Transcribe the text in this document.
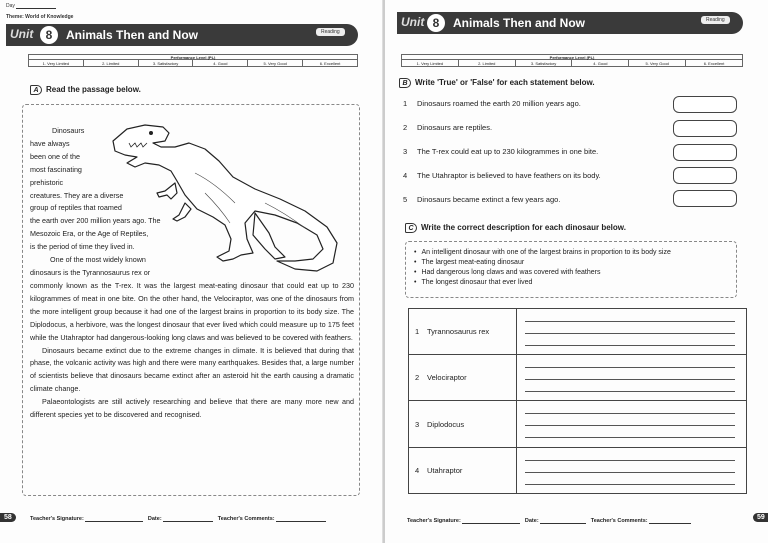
Day
Theme: World of Knowledge
Unit	8	Animals Then and Now	Reading
Performance Level (PL)
1. Very Limited	2. Limited	3. Satisfactory	4. Good	5. Very Good	6. Excellent
A Read the passage below.

Dinosaurs

have always

been one of the

most fascinating

prehistoric

creatures. They are a diverse

group of reptiles that roamed

the earth over 200 million years ago. The

Mesozoic Era, or the Age of Reptiles,

is the period of time they lived in.

One of the most widely known

dinosaurs is the Tyrannosaurus rex or

commonly known as the T-rex. It was the largest meat-eating dinosaur that could eat up to 230 kilogrammes of meat in one bite. On the other hand, the Velociraptor, was one of the dinosaurs from the more intelligent group because it had one of the largest brains in proportion to its body size. The Diplodocus, a herbivore, was the longest dinosaur that ever lived which could measure up to 175 feet while the Utahraptor had dangerous-looking long claws and was believed to be covered with feathers.

Dinosaurs became extinct due to the extreme changes in climate. It is believed that during that phase, the volcanic activity was high and there were many earthquakes. Besides that, a large number of scientists believe that dinosaurs became extinct after an asteroid hit the earth causing a dramatic climate change.

Palaeontologists are still actively researching and believe that there are many more new and different species yet to be discovered and recognised.

58	Teacher's Signature:	Date:	Teacher's Comments:
Unit 8	Animals Then and Now	Reading
Performance Level (PL)
1. Very Limited	2. Limited	3. Satisfactory	4. Good	5. Very Good	6. Excellent
B Write 'True' or 'False' for each statement below.
1 Dinosaurs roamed the earth 20 million years ago.
2 Dinosaurs are reptiles.
3 The T-rex could eat up to 230 kilogrammes in one bite.
4 The Utahraptor is believed to have feathers on its body.
5 Dinosaurs became extinct a few years ago.
C Write the correct description for each dinosaur below.
• An intelligent dinosaur with one of the largest brains in proportion to its body size
• The largest meat-eating dinosaur
• Had dangerous long claws and was covered with feathers
• The longest dinosaur that ever lived
1	Tyrannosaurus rex
2	Velociraptor
3	Diplodocus
4	Utahraptor
Teacher's Signature:	Date:	Teacher's Comments:	59
